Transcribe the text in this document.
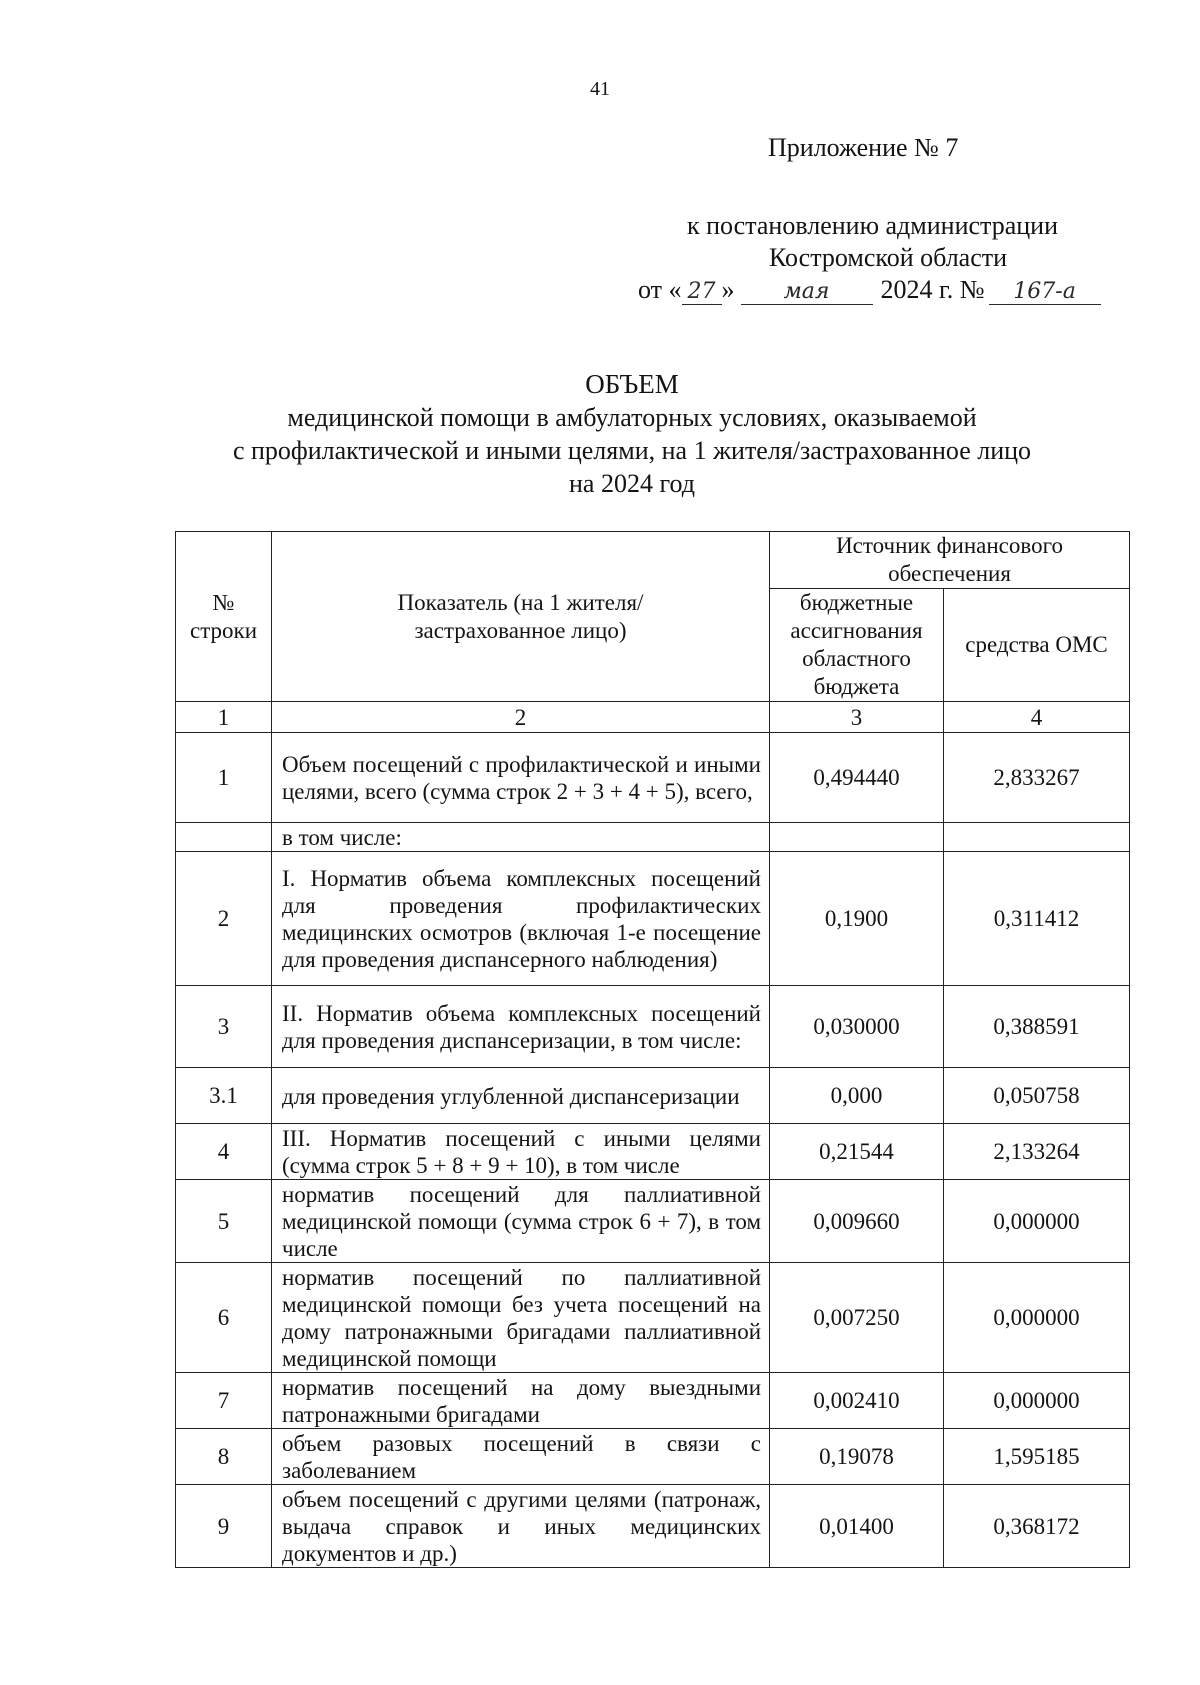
41
Приложение № 7
к постановлению администрации
Костромской области
от « 27 » мая 2024 г. № 167-а
ОБЪЕМ
медицинской помощи в амбулаторных условиях, оказываемой
с профилактической и иными целями, на 1 жителя/застрахованное лицо
на 2024 год
№ строки	Показатель (на 1 жителя/застрахованное лицо)	Источник финансового обеспечения	
		бюджетные ассигнования областного бюджета	средства ОМС
1	2	3	4
1	Объем посещений с профилактической и иными целями, всего (сумма строк 2 + 3 + 4 + 5), всего,	0,494440	2,833267
	в том числе:		
2	I. Норматив объема комплексных посещений для проведения профилактических медицинских осмотров (включая 1-е посещение для проведения диспансерного наблюдения)	0,1900	0,311412
3	II. Норматив объема комплексных посещений для проведения диспансеризации, в том числе:	0,030000	0,388591
3.1	для проведения углубленной диспансеризации	0,000	0,050758
4	III. Норматив посещений с иными целями (сумма строк 5 + 8 + 9 + 10), в том числе	0,21544	2,133264
5	норматив посещений для паллиативной медицинской помощи (сумма строк 6 + 7), в том числе	0,009660	0,000000
6	норматив посещений по паллиативной медицинской помощи без учета посещений на дому патронажными бригадами паллиативной медицинской помощи	0,007250	0,000000
7	норматив посещений на дому выездными патронажными бригадами	0,002410	0,000000
8	объем разовых посещений в связи с заболеванием	0,19078	1,595185
9	объем посещений с другими целями (патронаж, выдача справок и иных медицинских документов и др.)	0,01400	0,368172
